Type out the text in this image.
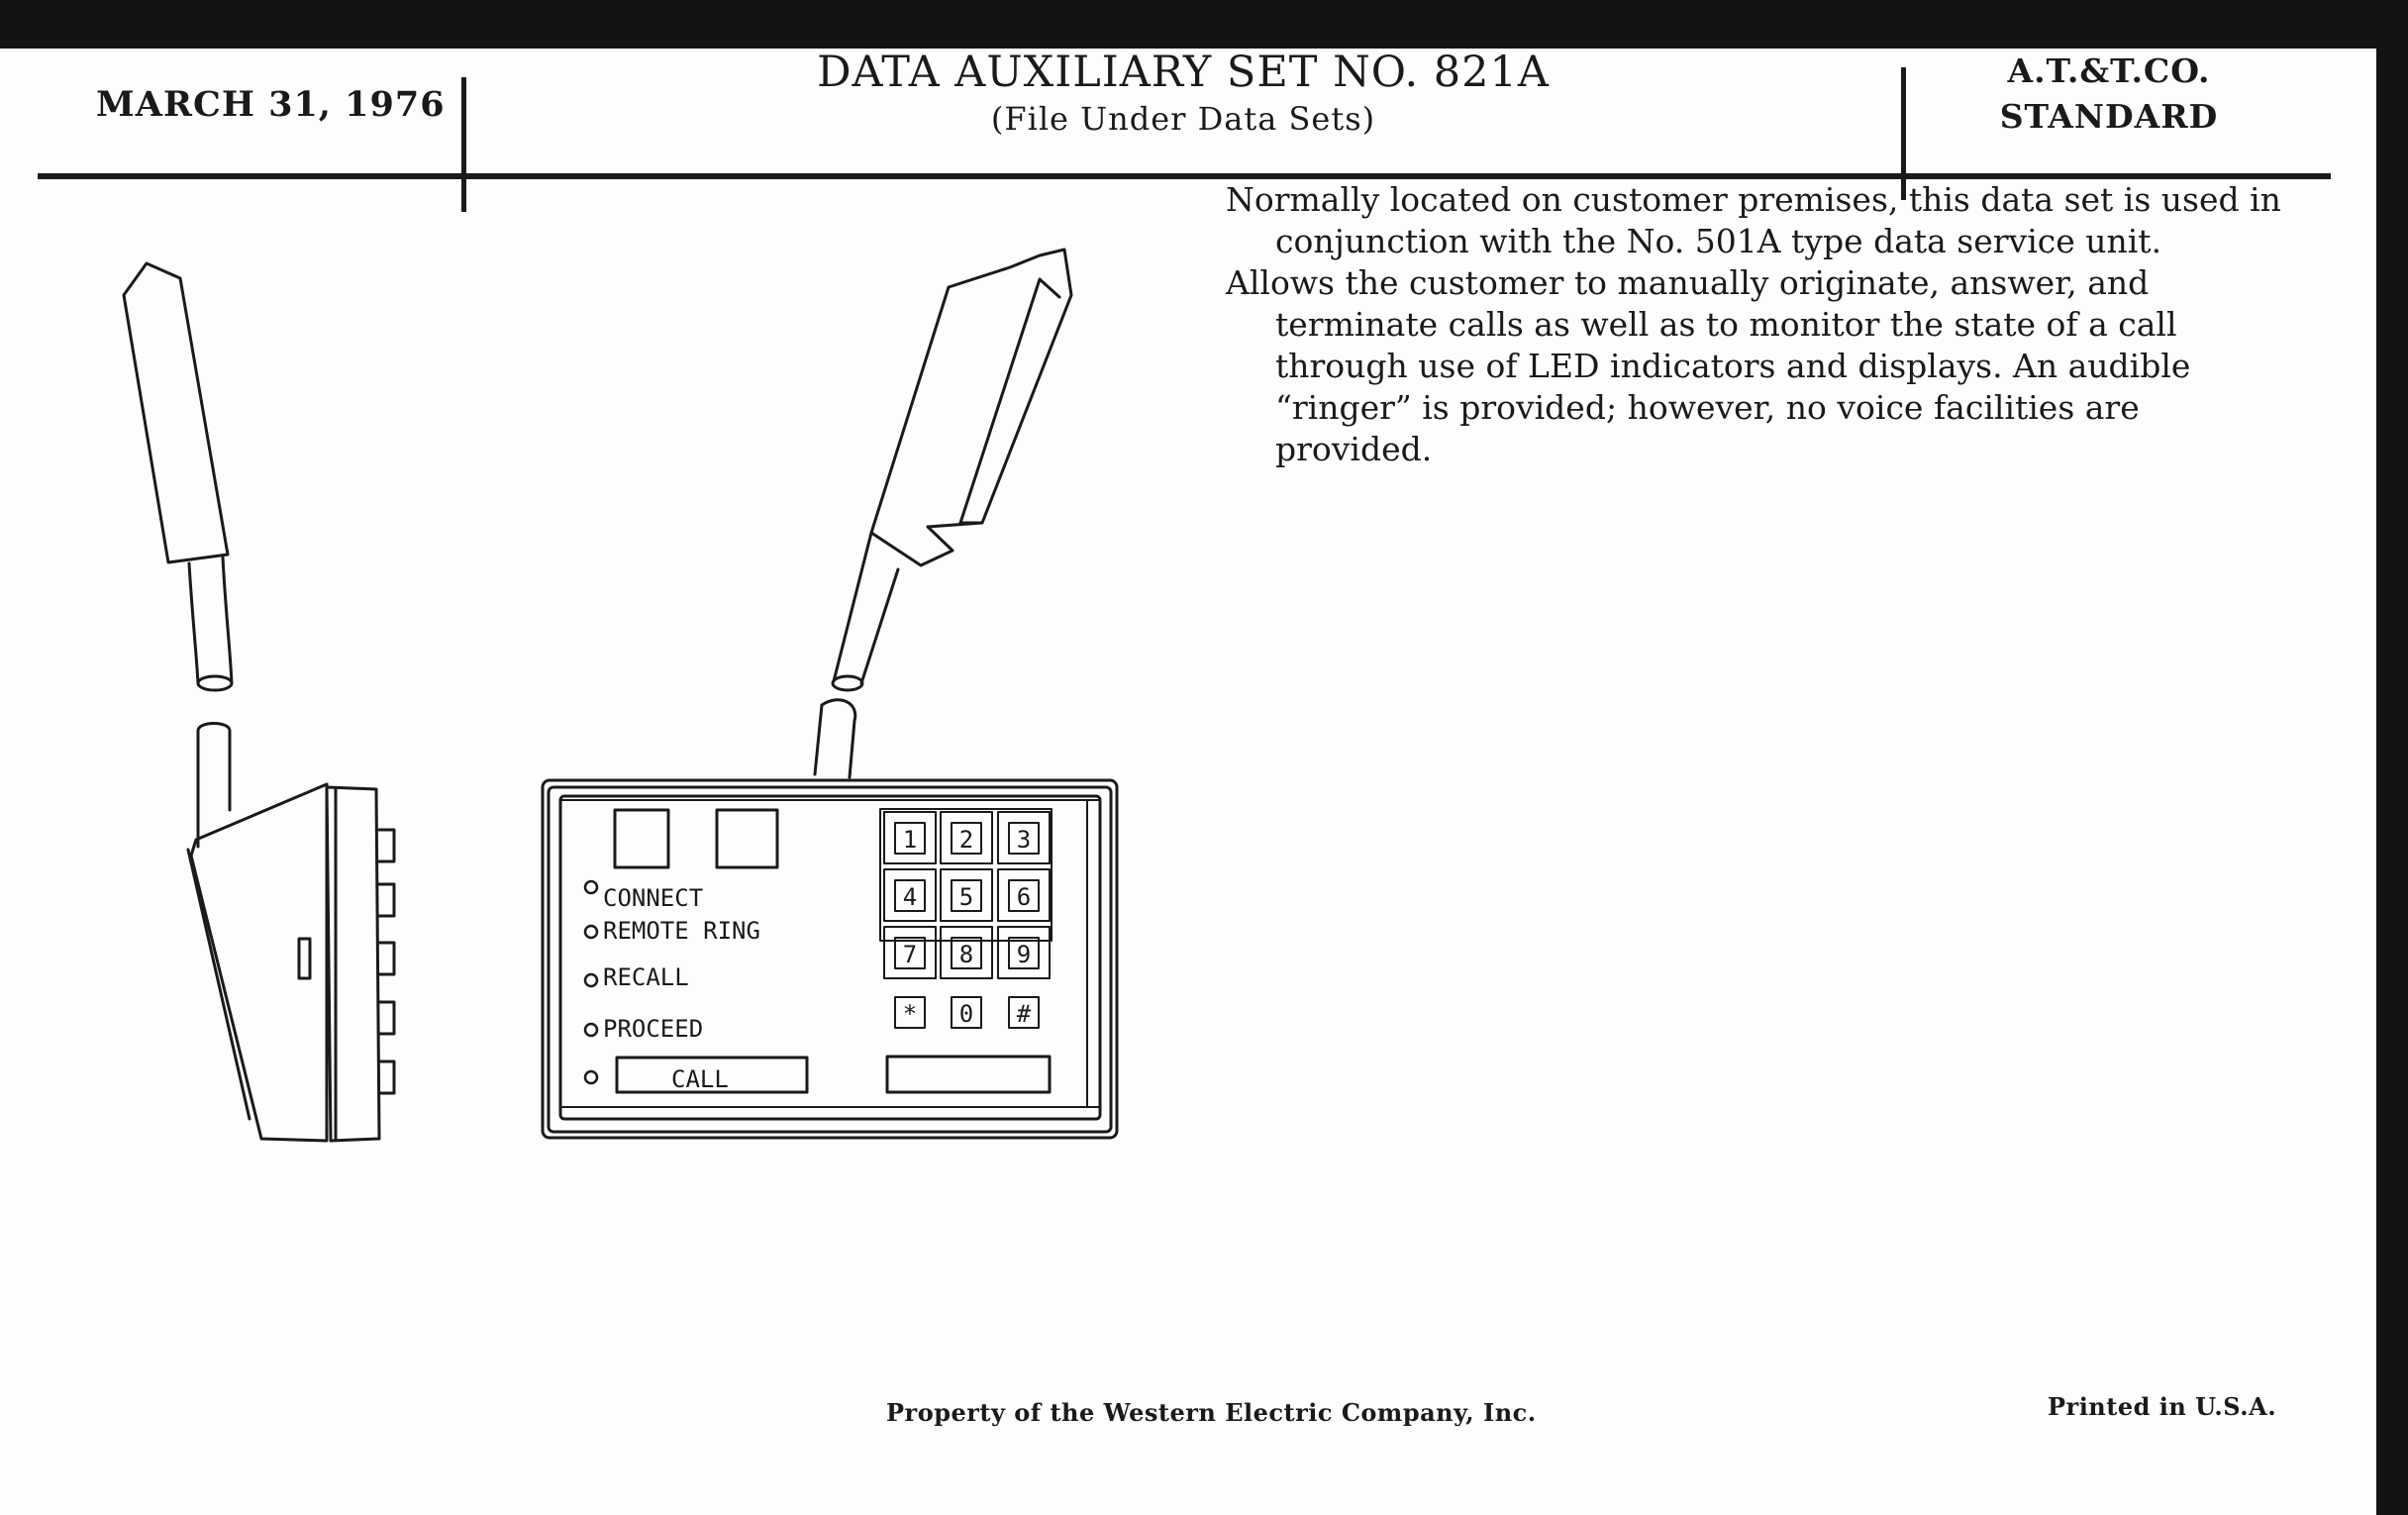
MARCH 31, 1976
DATA AUXILIARY SET NO. 821A
(File Under Data Sets)
A.T.&T.CO.
STANDARD

Normally located on customer premises, this data set is used in conjunction with the No. 501A type data service unit.

Allows the customer to manually originate, answer, and terminate calls as well as to monitor the state of a call through use of LED indicators and displays. An audible “ringer” is provided; however, no voice facilities are provided.

1 2 3
4 5 6
7 8 9
* 0 #
CONNECT
REMOTE RING
RECALL
PROCEED
CALL
Property of the Western Electric Company, Inc.	Printed in U.S.A.
